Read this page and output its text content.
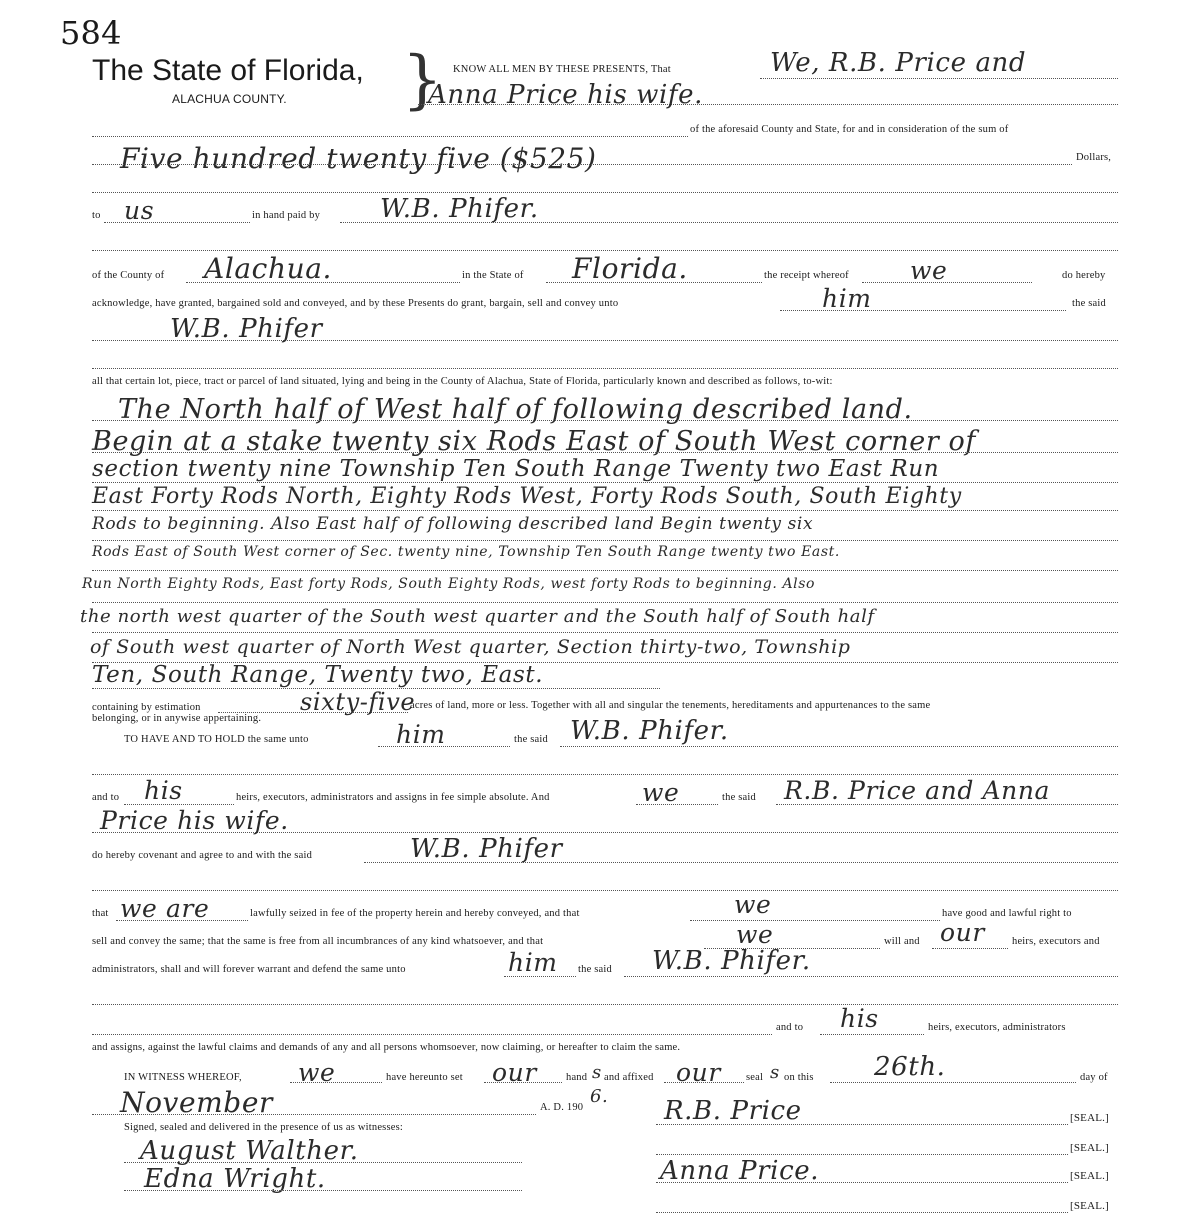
584
The State of Florida,
ALACHUA COUNTY. } KNOW ALL MEN BY THESE PRESENTS, That	We, R.B. Price and
Anna Price his wife.
of the aforesaid County and State, for and in consideration of the sum of
Five hundred twenty five ($525)	Dollars,
to us	in hand paid by W.B. Phifer.
of the County of Alachua.	in the State of Florida.	the receipt whereof we	do hereby
acknowledge, have granted, bargained sold and conveyed, and by these Presents do grant, bargain, sell and convey unto	him	the said
W.B. Phifer
all that certain lot, piece, tract or parcel of land situated, lying and being in the County of Alachua, State of Florida, particularly known and described as follows, to-wit:
The North half of West half of following described land.
Begin at a stake twenty six Rods East of South West corner of
section twenty nine Township Ten South Range Twenty two East Run
East Forty Rods North, Eighty Rods West, Forty Rods South, South Eighty
Rods to beginning. Also East half of following described land Begin twenty six
Rods East of South West corner of Sec. twenty nine, Township Ten South Range twenty two East.
Run North Eighty Rods, East forty Rods, South Eighty Rods, west forty Rods to beginning. Also
the north west quarter of the South west quarter and the South half of South half
of South west quarter of North West quarter, Section thirty-two, Township
Ten, South Range, Twenty two, East.
containing by estimation	sixty-five
acres of land, more or less. Together with all and singular the tenements, hereditaments and appurtenances to the same
belonging, or in anywise appertaining.
TO HAVE AND TO HOLD the same unto	him	the said W.B. Phifer.
and to his	heirs, executors, administrators and assigns in fee simple absolute. And	we	the said R.B. Price and Anna
Price his wife.
do hereby covenant and agree to and with the said	W.B. Phifer
that we are	lawfully seized in fee of the property herein and hereby conveyed, and that	we	have good and lawful right to
sell and convey the same; that the same is free from all incumbrances of any kind whatsoever, and that	we	will and our	heirs, executors and
administrators, shall and will forever warrant and defend the same unto	him the said W.B. Phifer.
and to his	heirs, executors, administrators
and assigns, against the lawful claims and demands of any and all persons whomsoever, now claiming, or hereafter to claim the same.
IN WITNESS WHEREOF, we	have hereunto set our	hand s and affixed our seal s on this 26th.	day of
November	A. D. 190
6.
Signed, sealed and delivered in the presence of us as witnesses:
August Walther.
Edna Wright.
R.B. Price	[SEAL.]
[SEAL.]
Anna Price.	[SEAL.]
[SEAL.]
